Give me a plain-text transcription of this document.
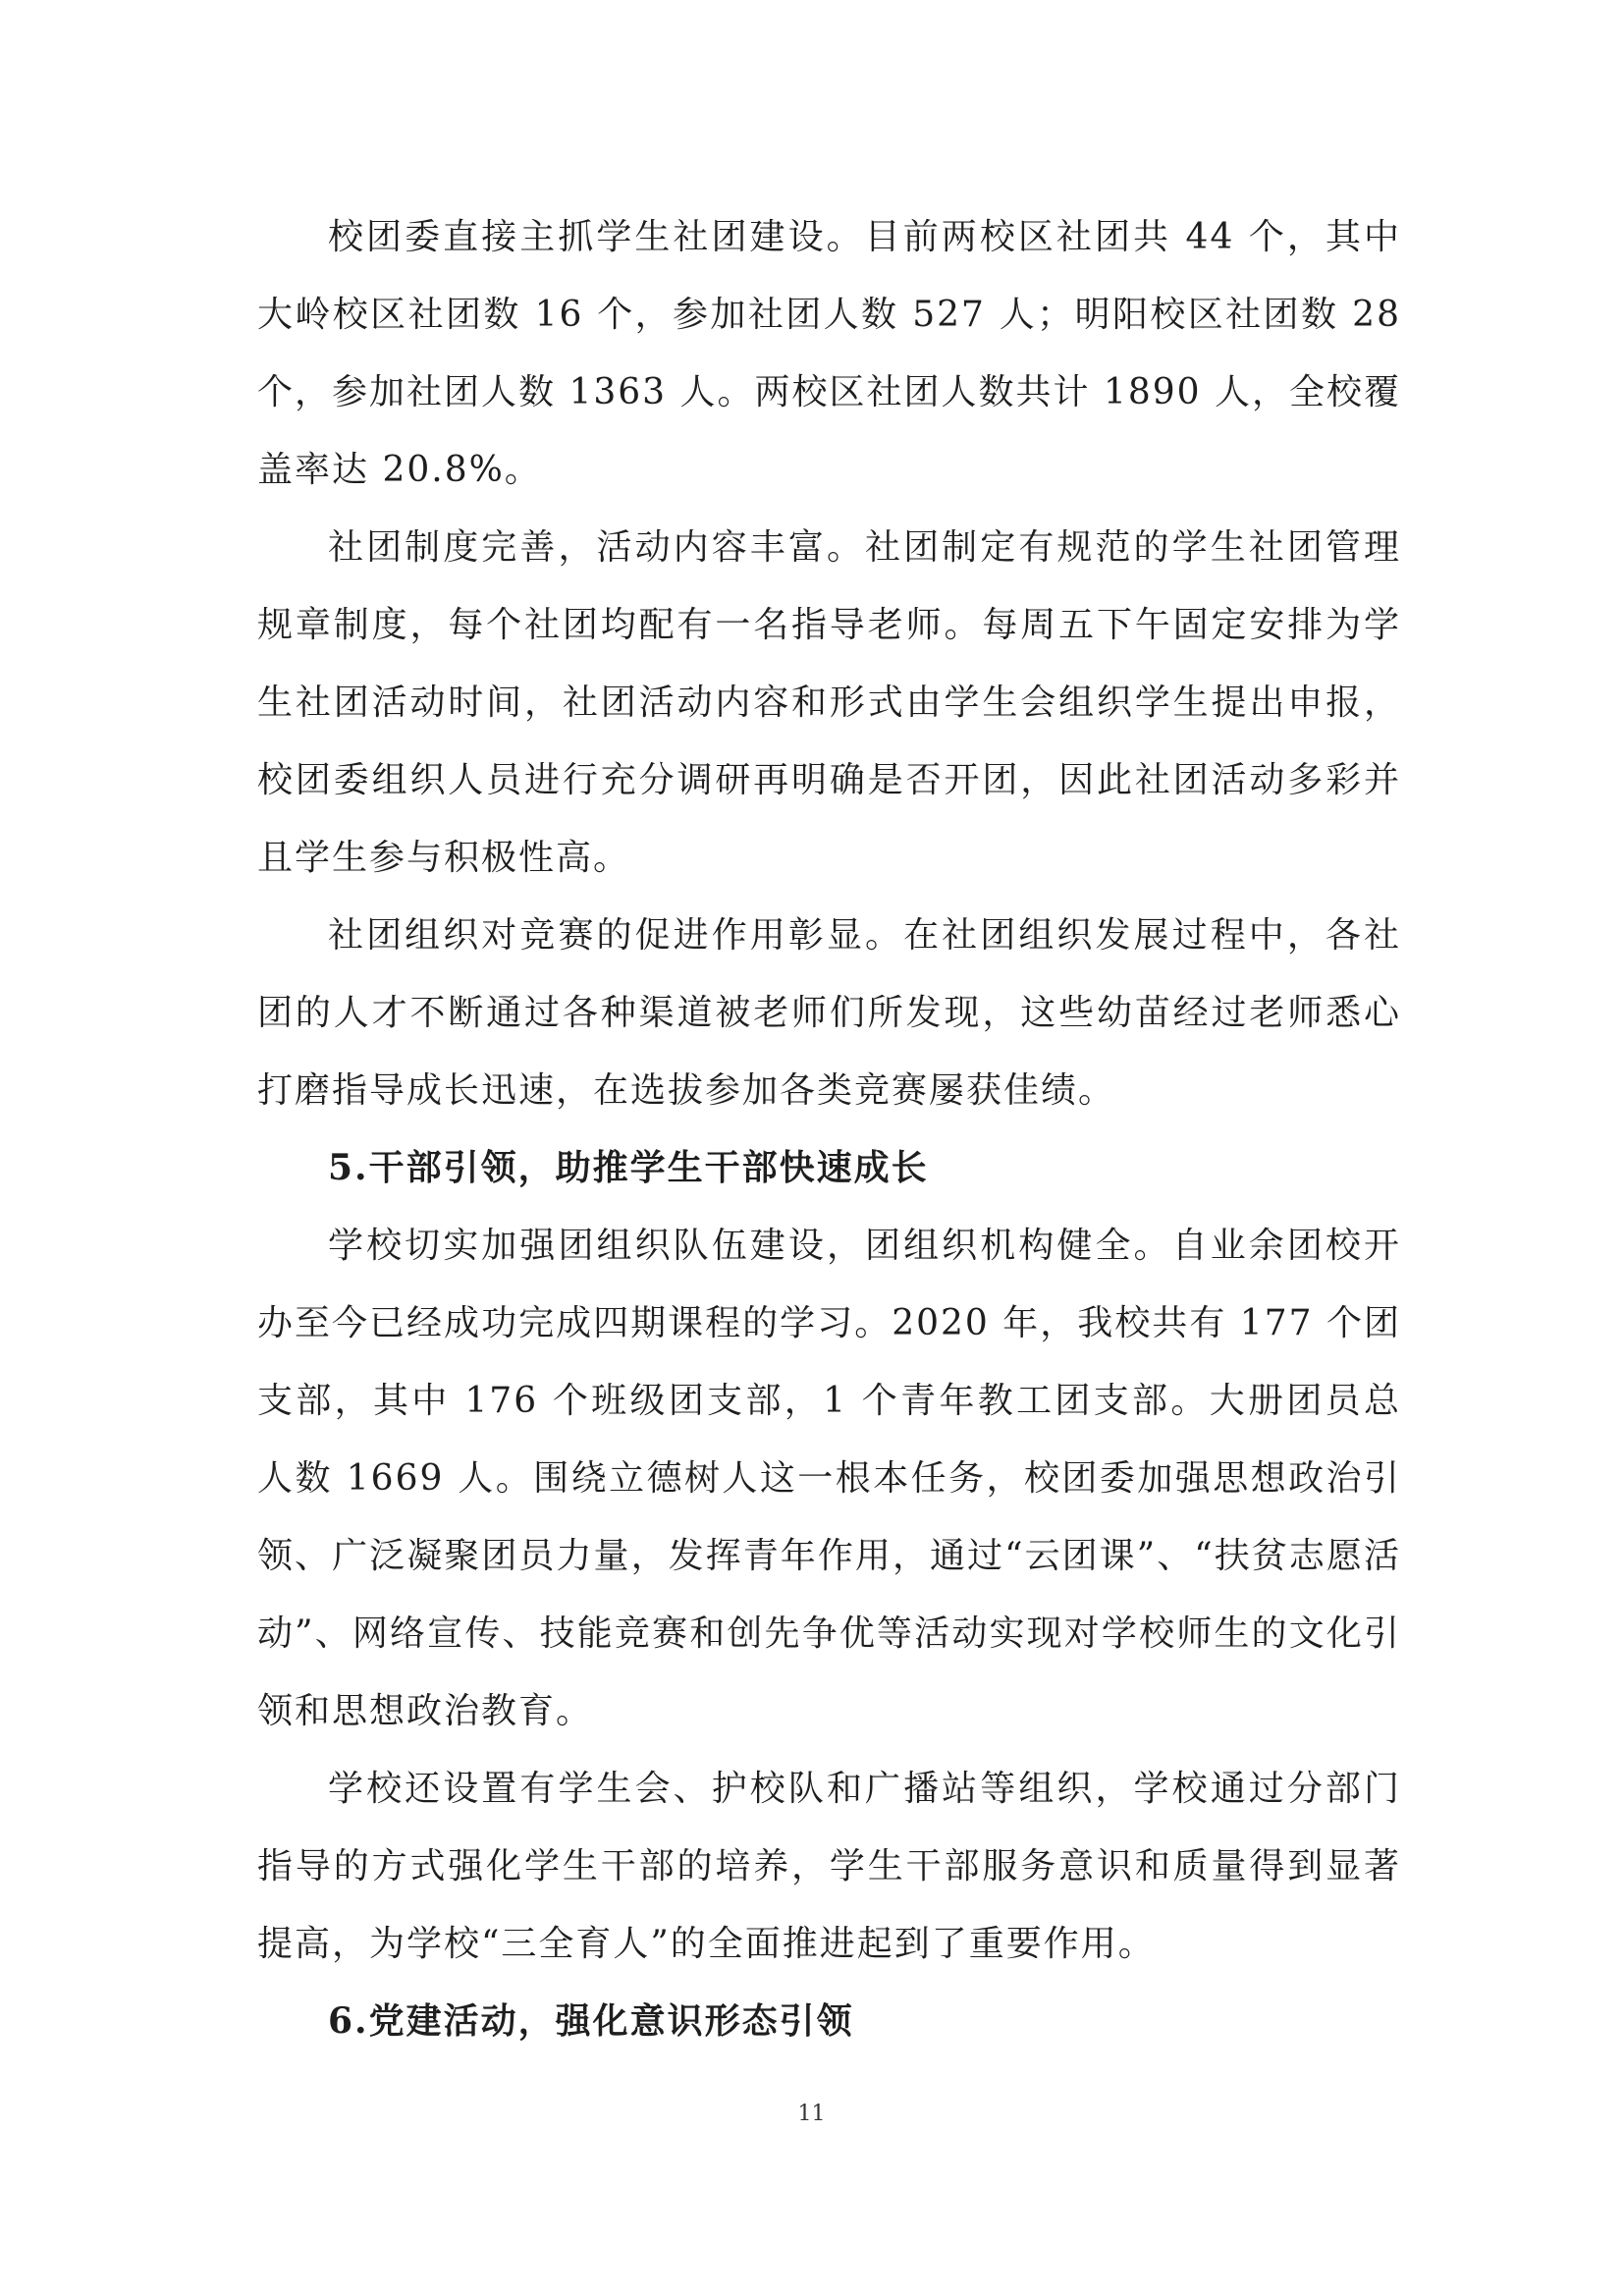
校团委直接主抓学生社团建设。目前两校区社团共 44 个，其中大岭校区社团数 16 个，参加社团人数 527 人；明阳校区社团数 28 个，参加社团人数 1363 人。两校区社团人数共计 1890 人，全校覆盖率达 20.8%。

社团制度完善，活动内容丰富。社团制定有规范的学生社团管理规章制度，每个社团均配有一名指导老师。每周五下午固定安排为学生社团活动时间，社团活动内容和形式由学生会组织学生提出申报，校团委组织人员进行充分调研再明确是否开团，因此社团活动多彩并且学生参与积极性高。

社团组织对竞赛的促进作用彰显。在社团组织发展过程中，各社团的人才不断通过各种渠道被老师们所发现，这些幼苗经过老师悉心打磨指导成长迅速，在选拔参加各类竞赛屡获佳绩。

5.干部引领，助推学生干部快速成长

学校切实加强团组织队伍建设，团组织机构健全。自业余团校开办至今已经成功完成四期课程的学习。2020 年，我校共有 177 个团支部，其中 176 个班级团支部，1 个青年教工团支部。大册团员总人数 1669 人。围绕立德树人这一根本任务，校团委加强思想政治引领、广泛凝聚团员力量，发挥青年作用，通过“云团课”、“扶贫志愿活动”、网络宣传、技能竞赛和创先争优等活动实现对学校师生的文化引领和思想政治教育。

学校还设置有学生会、护校队和广播站等组织，学校通过分部门指导的方式强化学生干部的培养，学生干部服务意识和质量得到显著提高，为学校“三全育人”的全面推进起到了重要作用。

6.党建活动，强化意识形态引领

11
